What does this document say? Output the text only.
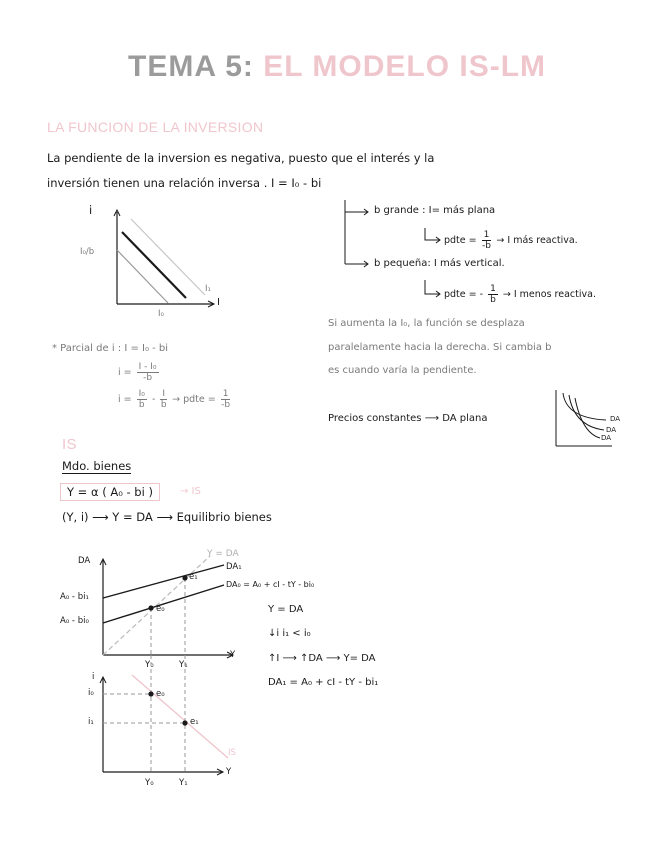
TEMA 5: EL MODELO IS-LM
LA FUNCION DE LA INVERSION
La pendiente de la inversion es negativa, puesto que el interés y la
inversión tienen una relación inversa . I = I₀ - bi
i
I₀/b
I₀
I
I₁
b grande : I= más plana
pdte = $\frac{1}{-b} \to I$ más reactiva.
b pequeña: I más vertical.
pdte = - $\frac{1}{b} \to I$ menos reactiva.
Si aumenta la I₀, la función se desplaza
paralelamente hacia la derecha. Si cambia b
es cuando varía la pendiente.
* Parcial de i : I = I₀ - bi
$i = \frac{\text{I - I₀}}{-b}$
$i = \frac{\text{I₀}}{b} - \frac{I}{b}$ → pdte = $\frac{1}{-b}$
Precios constantes ⟶ DA plana	DA
DA
DA
IS
Mdo. bienes
Y = α ( A₀ - bi )	→ IS
(Y, i) ⟶ Y = DA ⟶ Equilibrio bienes
DA
Y = DA
DA₁
DA₀ = A₀ + cI - tY - bi₀
A₀ - bi₁
A₀ - bi₀
e₀
e₁
Y₀	Y₁
Y
Y = DA
↓i i₁ < i₀
↑I ⟶ ↑DA ⟶ Y= DA
DA₁ = A₀ + cI - tY - bi₁
i
i₀
i₁
e₀
e₁
IS
Y₀	Y₁
Y
